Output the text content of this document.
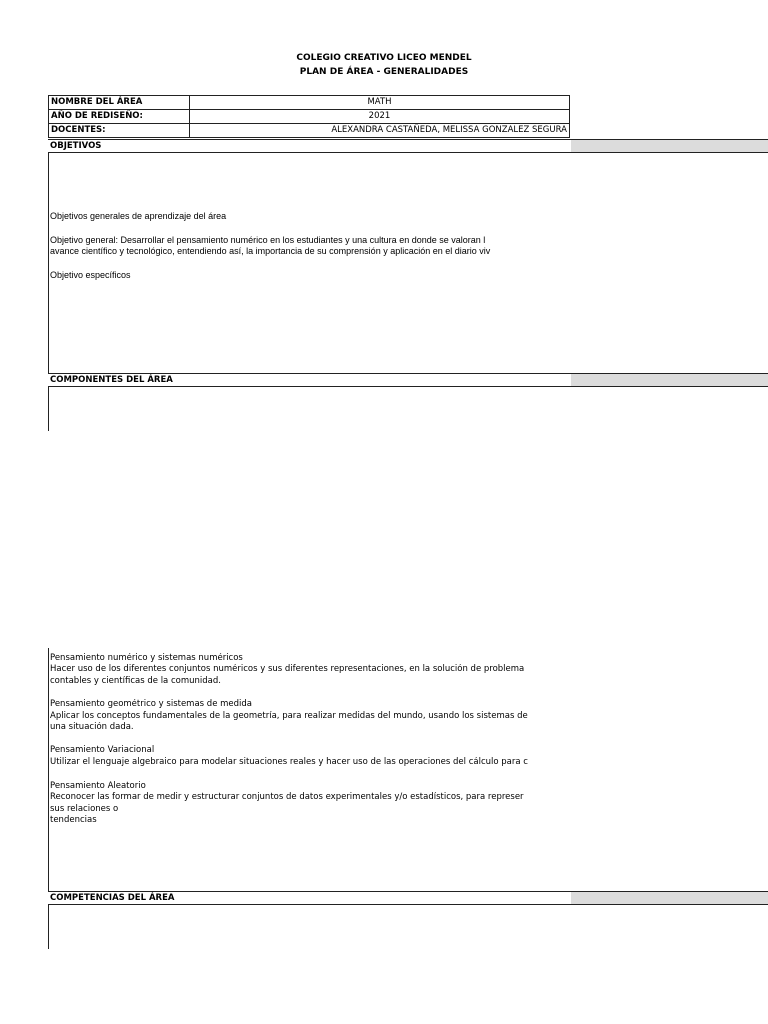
COLEGIO CREATIVO LICEO MENDEL
PLAN DE ÁREA - GENERALIDADES
NOMBRE DEL ÁREA	MATH
AÑO DE REDISEÑO:	2021
DOCENTES:	ALEXANDRA CASTAÑEDA, MELISSA GONZALEZ SEGURA
OBJETIVOS
Objetivos generales de aprendizaje del área
Objetivo general: Desarrollar el pensamiento numérico en los estudiantes y una cultura en donde se valoran l
avance científico y tecnológico, entendiendo así, la importancia de su comprensión y aplicación en el diario viv
Objetivo específicos
COMPONENTES DEL ÁREA
Pensamiento numérico y sistemas numéricos
Hacer uso de los diferentes conjuntos numéricos y sus diferentes representaciones, en la solución de problema
contables y científicas de la comunidad.
Pensamiento geométrico y sistemas de medida
Aplicar los conceptos fundamentales de la geometría, para realizar medidas del mundo, usando los sistemas de
una situación dada.
Pensamiento Variacional
Utilizar el lenguaje algebraico para modelar situaciones reales y hacer uso de las operaciones del cálculo para c
Pensamiento Aleatorio
Reconocer las formar de medir y estructurar conjuntos de datos experimentales y/o estadísticos, para represer
sus relaciones o
tendencias
COMPETENCIAS DEL ÁREA
